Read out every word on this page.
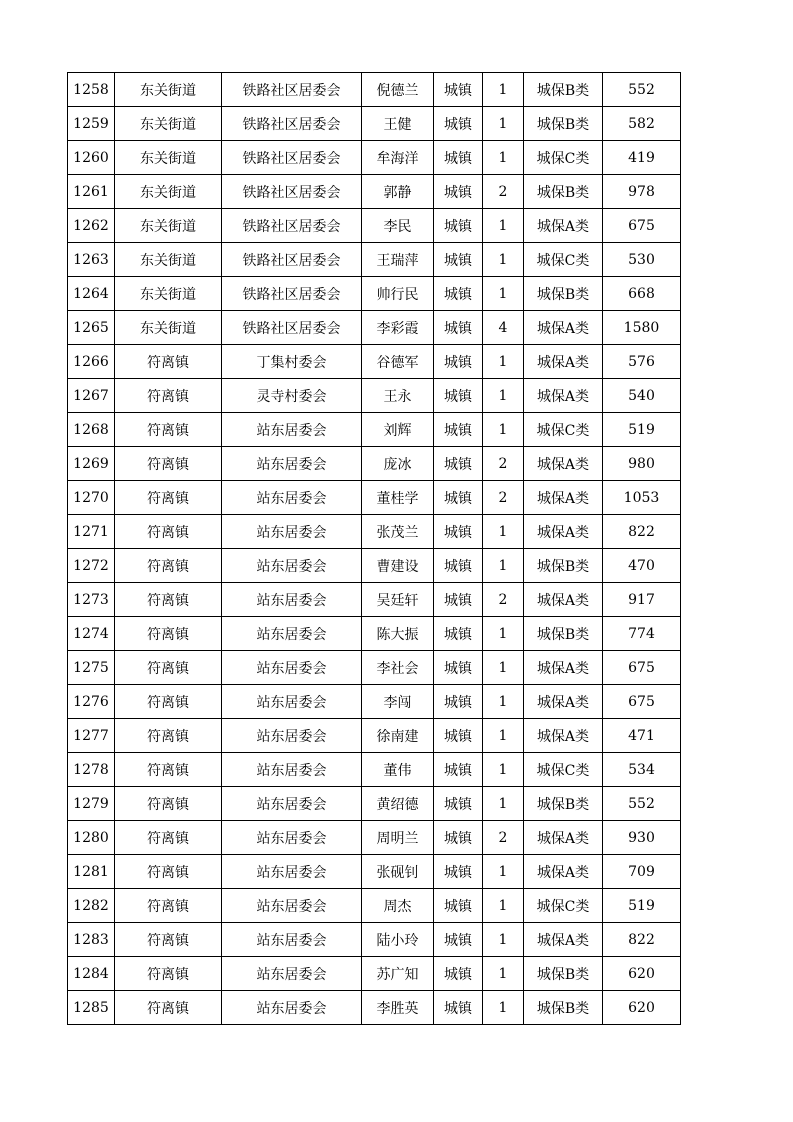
1258	东关街道	铁路社区居委会	倪德兰	城镇	1	城保B类	552
1259	东关街道	铁路社区居委会	王健	城镇	1	城保B类	582
1260	东关街道	铁路社区居委会	牟海洋	城镇	1	城保C类	419
1261	东关街道	铁路社区居委会	郭静	城镇	2	城保B类	978
1262	东关街道	铁路社区居委会	李民	城镇	1	城保A类	675
1263	东关街道	铁路社区居委会	王瑞萍	城镇	1	城保C类	530
1264	东关街道	铁路社区居委会	帅行民	城镇	1	城保B类	668
1265	东关街道	铁路社区居委会	李彩霞	城镇	4	城保A类	1580
1266	符离镇	丁集村委会	谷德军	城镇	1	城保A类	576
1267	符离镇	灵寺村委会	王永	城镇	1	城保A类	540
1268	符离镇	站东居委会	刘辉	城镇	1	城保C类	519
1269	符离镇	站东居委会	庞冰	城镇	2	城保A类	980
1270	符离镇	站东居委会	董桂学	城镇	2	城保A类	1053
1271	符离镇	站东居委会	张茂兰	城镇	1	城保A类	822
1272	符离镇	站东居委会	曹建设	城镇	1	城保B类	470
1273	符离镇	站东居委会	吴廷轩	城镇	2	城保A类	917
1274	符离镇	站东居委会	陈大振	城镇	1	城保B类	774
1275	符离镇	站东居委会	李社会	城镇	1	城保A类	675
1276	符离镇	站东居委会	李闯	城镇	1	城保A类	675
1277	符离镇	站东居委会	徐南建	城镇	1	城保A类	471
1278	符离镇	站东居委会	董伟	城镇	1	城保C类	534
1279	符离镇	站东居委会	黄绍德	城镇	1	城保B类	552
1280	符离镇	站东居委会	周明兰	城镇	2	城保A类	930
1281	符离镇	站东居委会	张砚钊	城镇	1	城保A类	709
1282	符离镇	站东居委会	周杰	城镇	1	城保C类	519
1283	符离镇	站东居委会	陆小玲	城镇	1	城保A类	822
1284	符离镇	站东居委会	苏广知	城镇	1	城保B类	620
1285	符离镇	站东居委会	李胜英	城镇	1	城保B类	620
